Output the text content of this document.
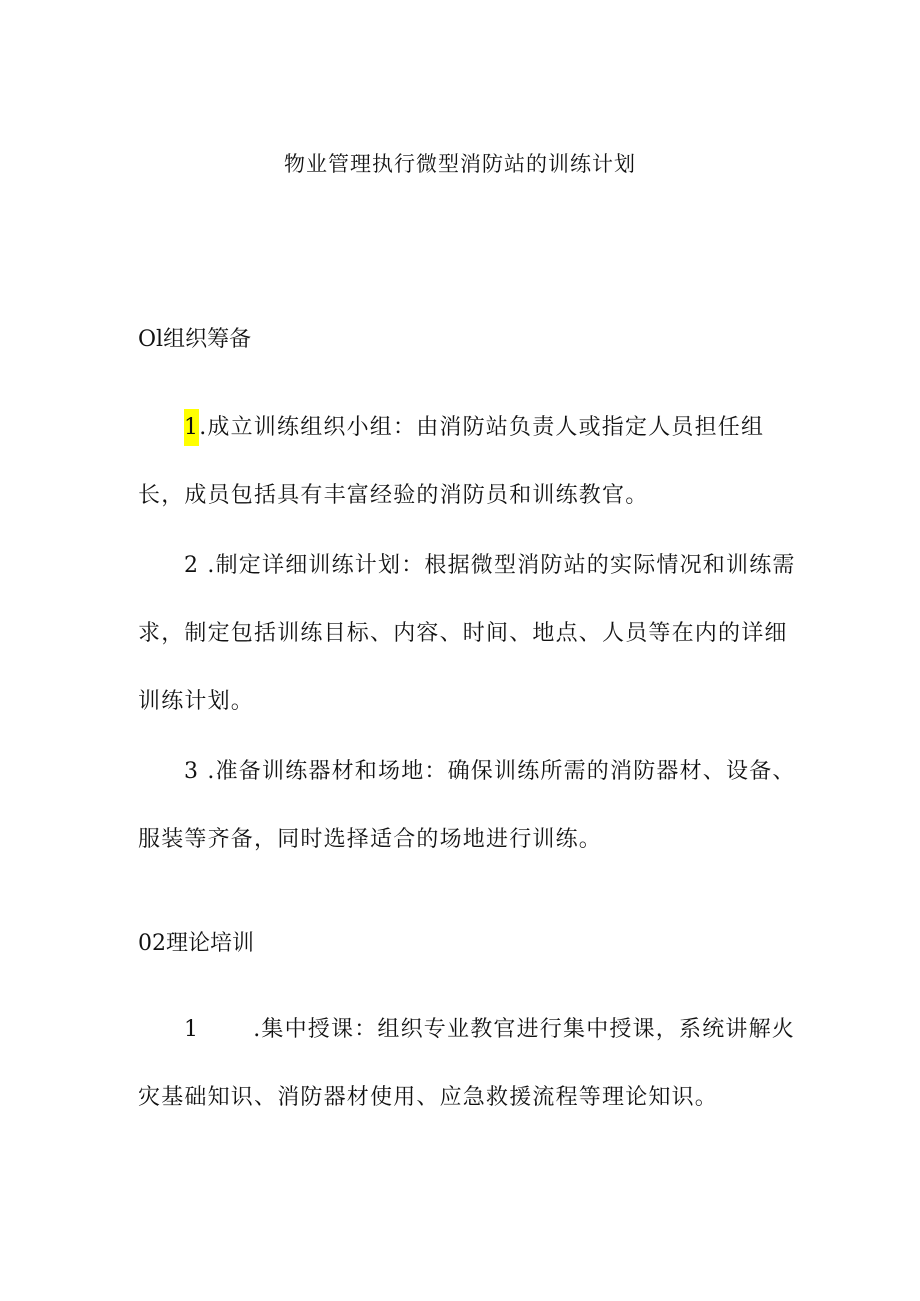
物业管理执行微型消防站的训练计划
Ol组织筹备
1.成立训练组织小组：由消防站负责人或指定人员担任组长，成员包括具有丰富经验的消防员和训练教官。
2 .制定详细训练计划：根据微型消防站的实际情况和训练需求，制定包括训练目标、内容、时间、地点、人员等在内的详细训练计划。
3 .准备训练器材和场地：确保训练所需的消防器材、设备、服装等齐备，同时选择适合的场地进行训练。
02理论培训
1 .集中授课：组织专业教官进行集中授课，系统讲解火灾基础知识、消防器材使用、应急救援流程等理论知识。
